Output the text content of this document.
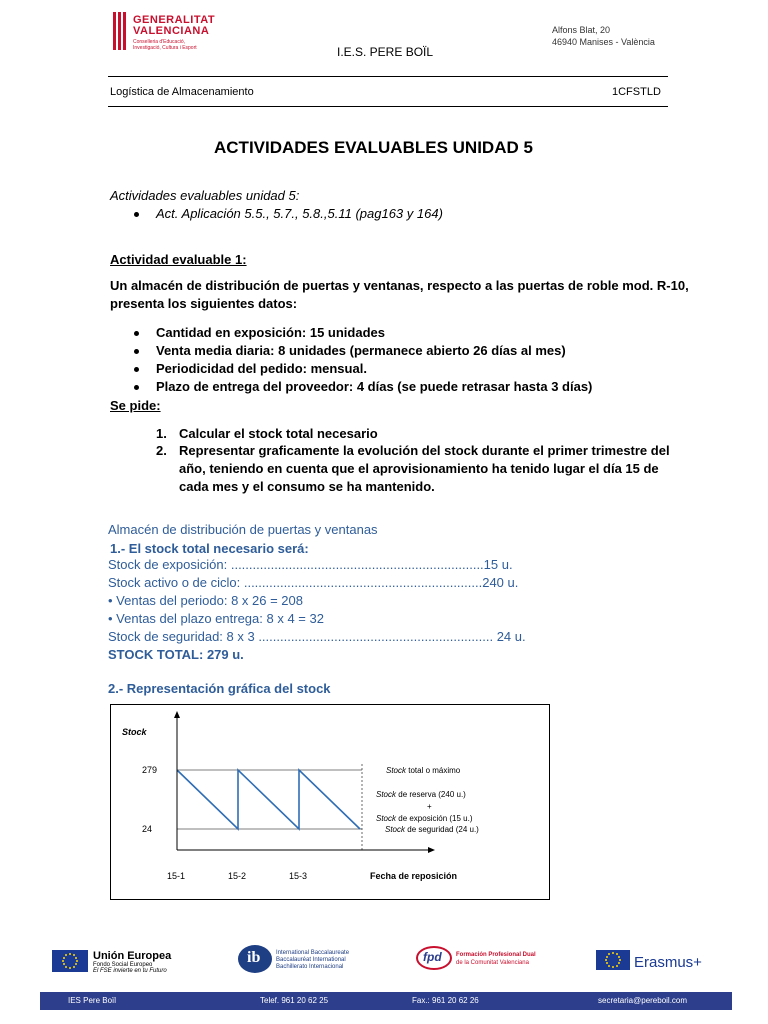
GENERALITAT
VALENCIANA
Conselleria d'Educació, Investigació, Cultura i Esport	I.E.S. PERE BOÏL
Alfons Blat, 20
46940 Manises - València
Logística de Almacenamiento	1CFSTLD
ACTIVIDADES EVALUABLES UNIDAD 5
Actividades evaluables unidad 5:
Act. Aplicación 5.5., 5.7., 5.8.,5.11 (pag163 y 164)
Actividad evaluable 1:
Un almacén de distribución de puertas y ventanas, respecto a las puertas de roble mod. R-10,
presenta los siguientes datos:
Cantidad en exposición: 15 unidades
Venta media diaria: 8 unidades (permanece abierto 26 días al mes)
Periodicidad del pedido: mensual.
Plazo de entrega del proveedor: 4 días (se puede retrasar hasta 3 días)
Se pide:
1. Calcular el stock total necesario
2. Representar graficamente la evolución del stock durante el primer trimestre del
año, teniendo en cuenta que el aprovisionamiento ha tenido lugar el día 15 de
cada mes y el consumo se ha mantenido.
Almacén de distribución de puertas y ventanas
1.- El stock total necesario será:
Stock de exposición: ......................................................................15 u.
Stock activo o de ciclo: ..................................................................240 u.
• Ventas del periodo: 8 x 26 = 208
• Ventas del plazo entrega: 8 x 4 = 32
Stock de seguridad: 8 x 3 ................................................................. 24 u.
STOCK TOTAL: 279 u.
2.- Representación gráfica del stock
Stock
Fecha de reposición
279
24
15-1	15-2	15-3
Stock total o máximo
Stock de reserva (240 u.)
+
Stock de exposición (15 u.)
Stock de seguridad (24 u.)
Unión Europea
Fondo Social Europeo
El FSE invierte en tu Futuro
ib	International Baccalaureate
Baccalauréat International
Bachillerato Internacional
fpd Formación Profesional Dual
de la Comunitat Valenciana	Erasmus+
IES Pere Boïl	Telef. 961 20 62 25	Fax.: 961 20 62 26	secretaria@pereboil.com
